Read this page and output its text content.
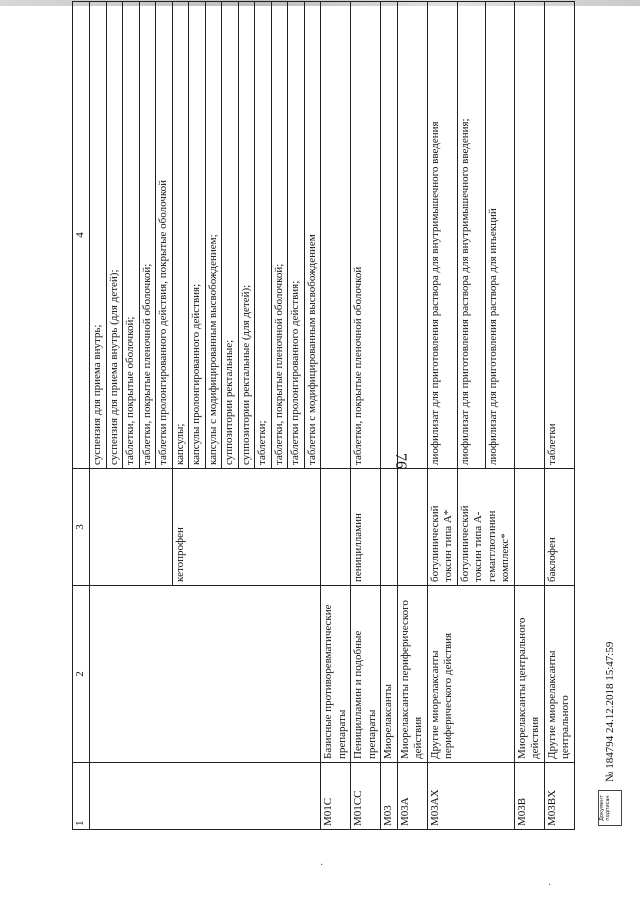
76
1	2	3	4
			суспензия для приема внутрь;
			суспензия для приема внутрь (для детей);
			таблетки, покрытые оболочкой;
			таблетки, покрытые пленочной оболочкой;
			таблетки пролонгированного действия, покрытые оболочкой
		кетопрофен	капсулы;
			капсулы пролонгированного действия;
			капсулы с модифицированным высвобождением;
			суппозитории ректальные;
			суппозитории ректальные (для детей);
			таблетки;
			таблетки, покрытые пленочной оболочкой;
			таблетки пролонгированного действия;
			таблетки с модифицированным высвобождением
M01C	Базисные противоревматические препараты		
M01CC	Пеницилламин и подобные препараты	пеницилламин	таблетки, покрытые пленочной оболочкой
M03	Миорелаксанты		
M03A	Миорелаксанты периферического действия		
M03AX	Другие миорелаксанты периферического действия	ботулинический токсин типа А*	лиофилизат для приготовления раствора для внутримышечного введения
		ботулинический токсин типа А-гемагглютинин комплекс*	лиофилизат для приготовления раствора для внутримышечного введения;
			лиофилизат для приготовления раствора для инъекций
M03B	Миорелаксанты центрального действия		
M03BX	Другие миорелаксанты центрального	баклофен	таблетки
Документ подписан
№ 184794 24.12.2018 15:47:59
·
·
